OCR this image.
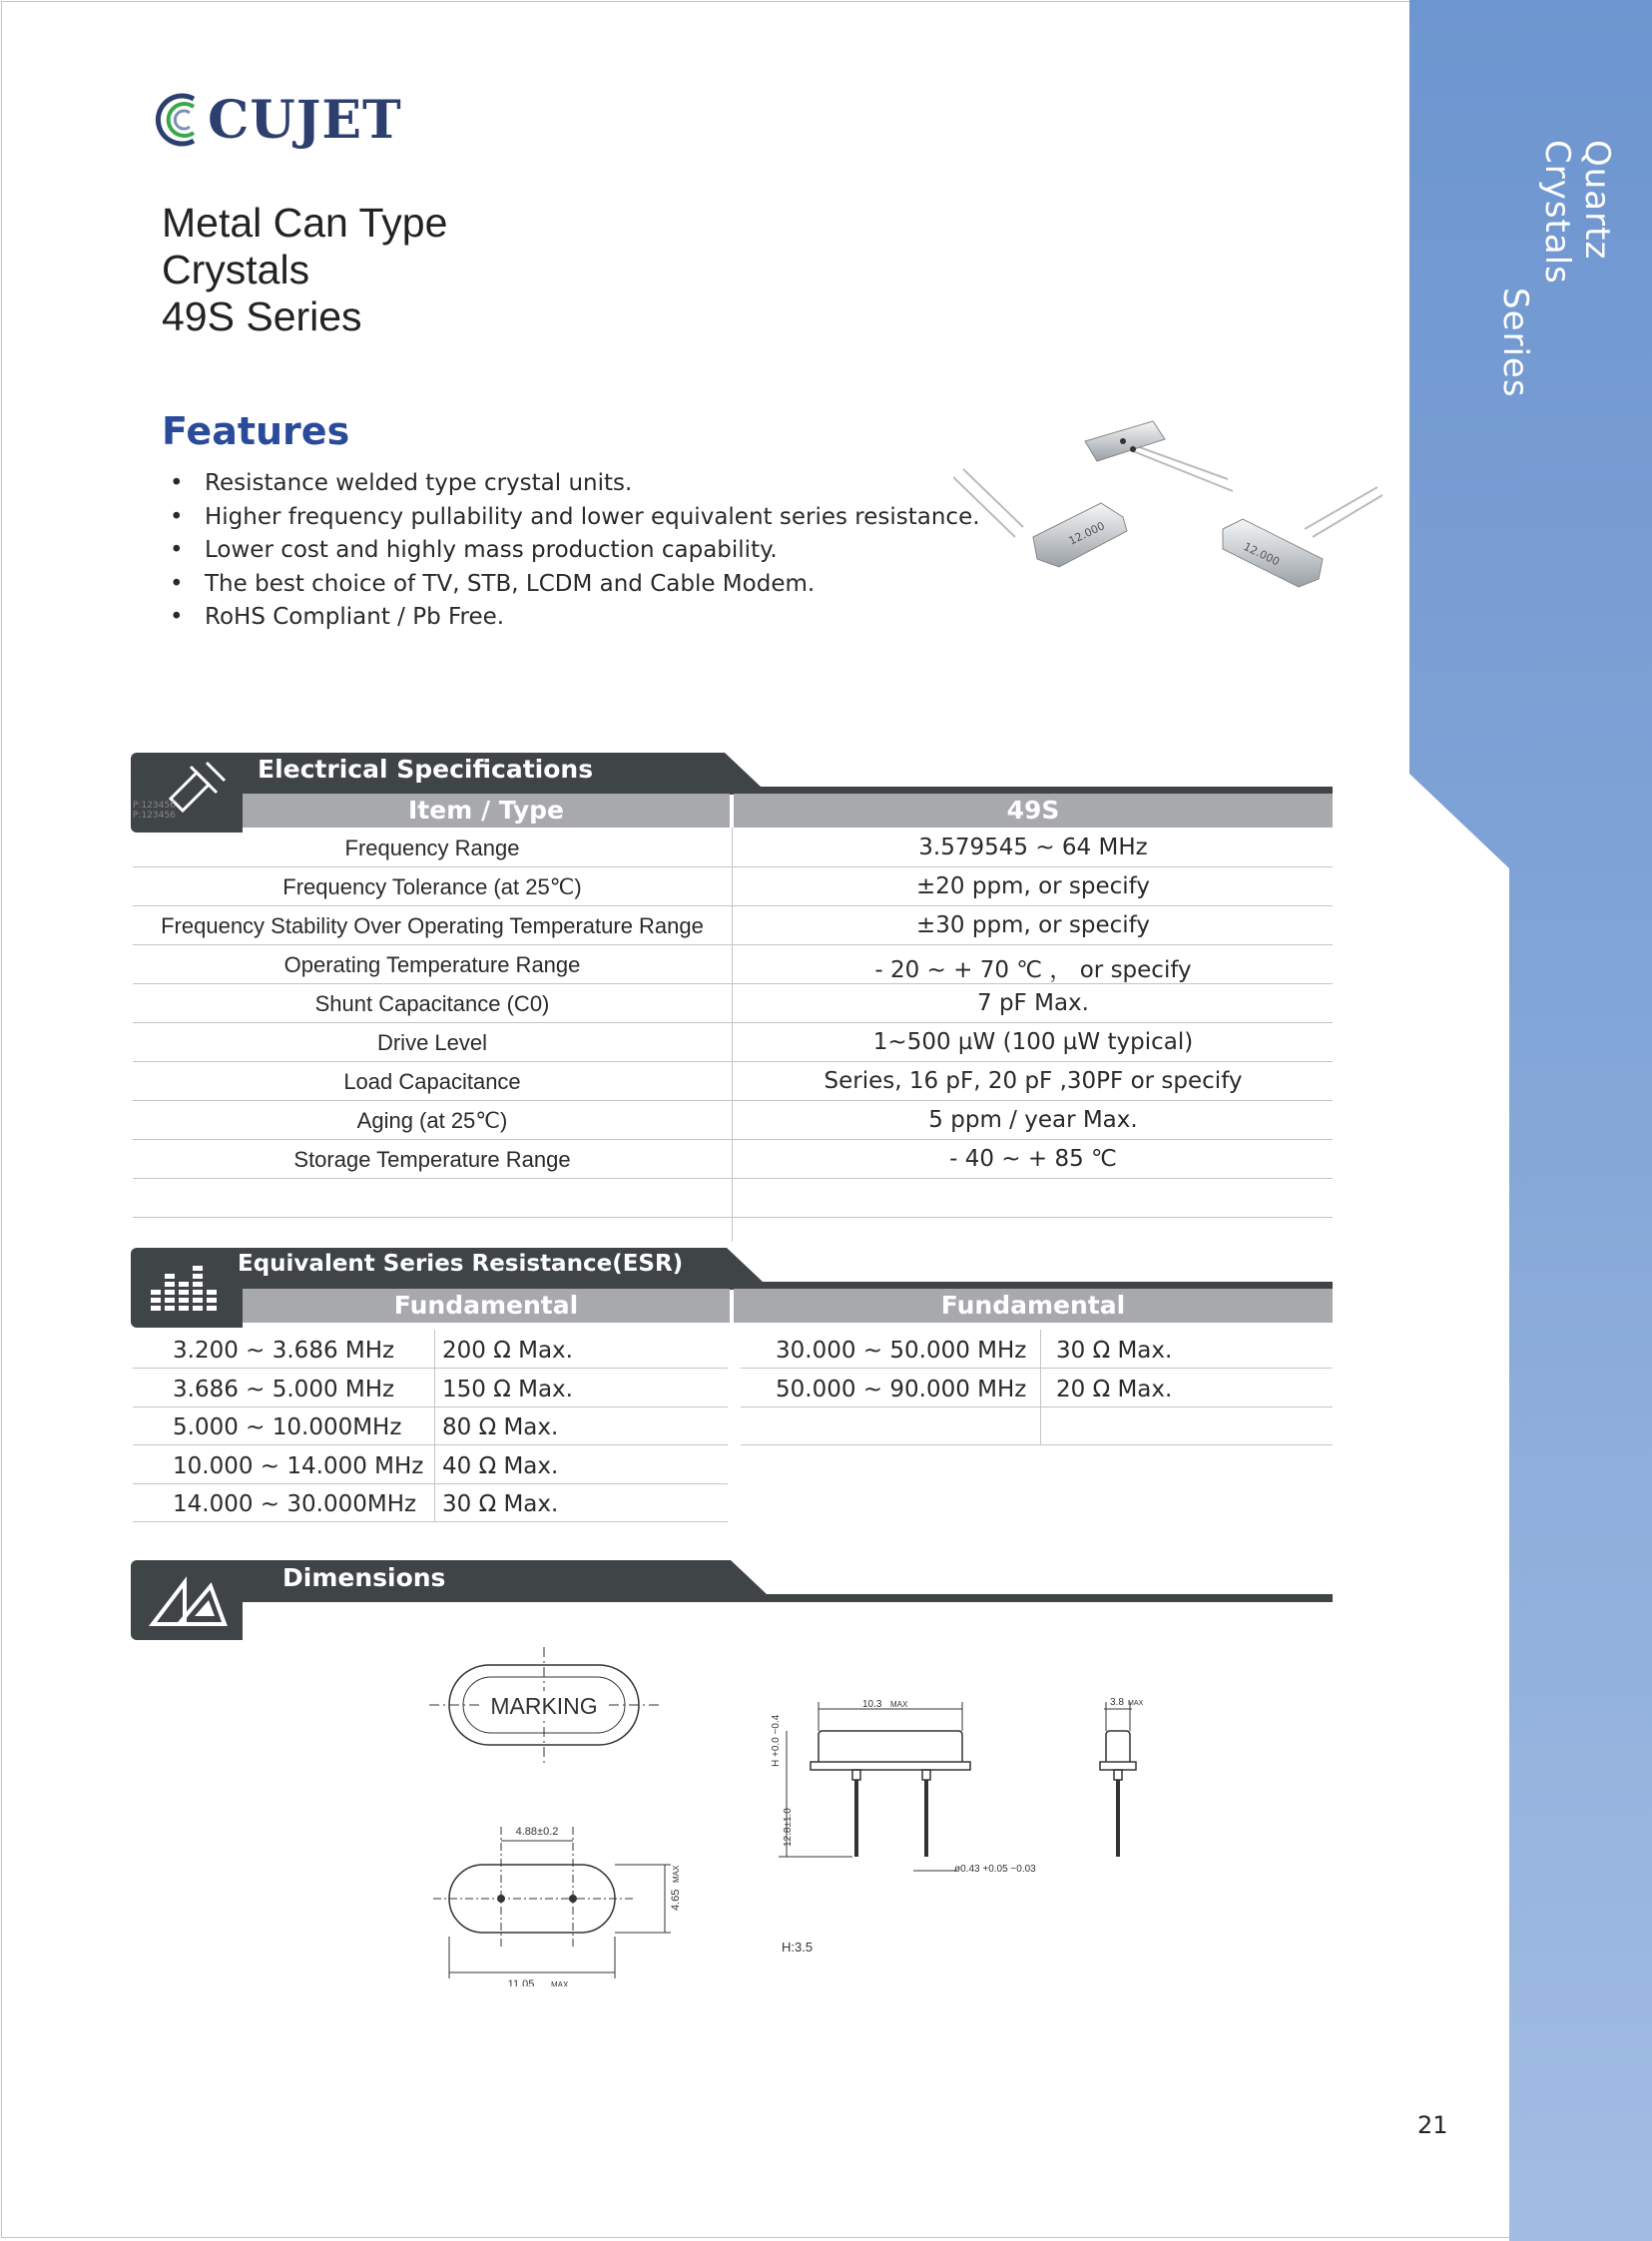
Quartz Crystals
Series
CUJET
Metal Can Type
Crystals
49S Series
Features
• Resistance welded type crystal units.
• Higher frequency pullability and lower equivalent series resistance.
• Lower cost and highly mass production capability.
• The best choice of TV, STB, LCDM and Cable Modem.
• RoHS Compliant / Pb Free.
12.000
12.000
P:123456
P:123456
Electrical Specifications
Item / Type	49S
Frequency Range	3.579545 ~ 64 MHz
Frequency Tolerance (at 25℃)	±20 ppm, or specify
Frequency Stability Over Operating Temperature Range	±30 ppm, or specify
Operating Temperature Range	- 20 ~ + 70 ℃ ， or specify
Shunt Capacitance (C0)	7 pF Max.
Drive Level	1~500 µW (100 µW typical)
Load Capacitance	Series, 16 pF, 20 pF ,30PF or specify
Aging (at 25℃)	5 ppm / year Max.
Storage Temperature Range	- 40 ~ + 85 ℃
Equivalent Series Resistance(ESR)
Fundamental	Fundamental
3.200 ~ 3.686 MHz 200 Ω Max.
3.686 ~ 5.000 MHz 150 Ω Max.
5.000 ~ 10.000MHz 80 Ω Max.
10.000 ~ 14.000 MHz 40 Ω Max.
14.000 ~ 30.000MHz 30 Ω Max.
30.000 ~ 50.000 MHz 30 Ω Max.
50.000 ~ 90.000 MHz 20 Ω Max.
Dimensions
MARKING
4.88±0.2
11.05 MAX
4.65
MAX
10.3 MAX
H +0.0 −0.4
12.8±1.0
ø0.43 +0.05 −0.03
H:3.5
3.8 MAX
21
